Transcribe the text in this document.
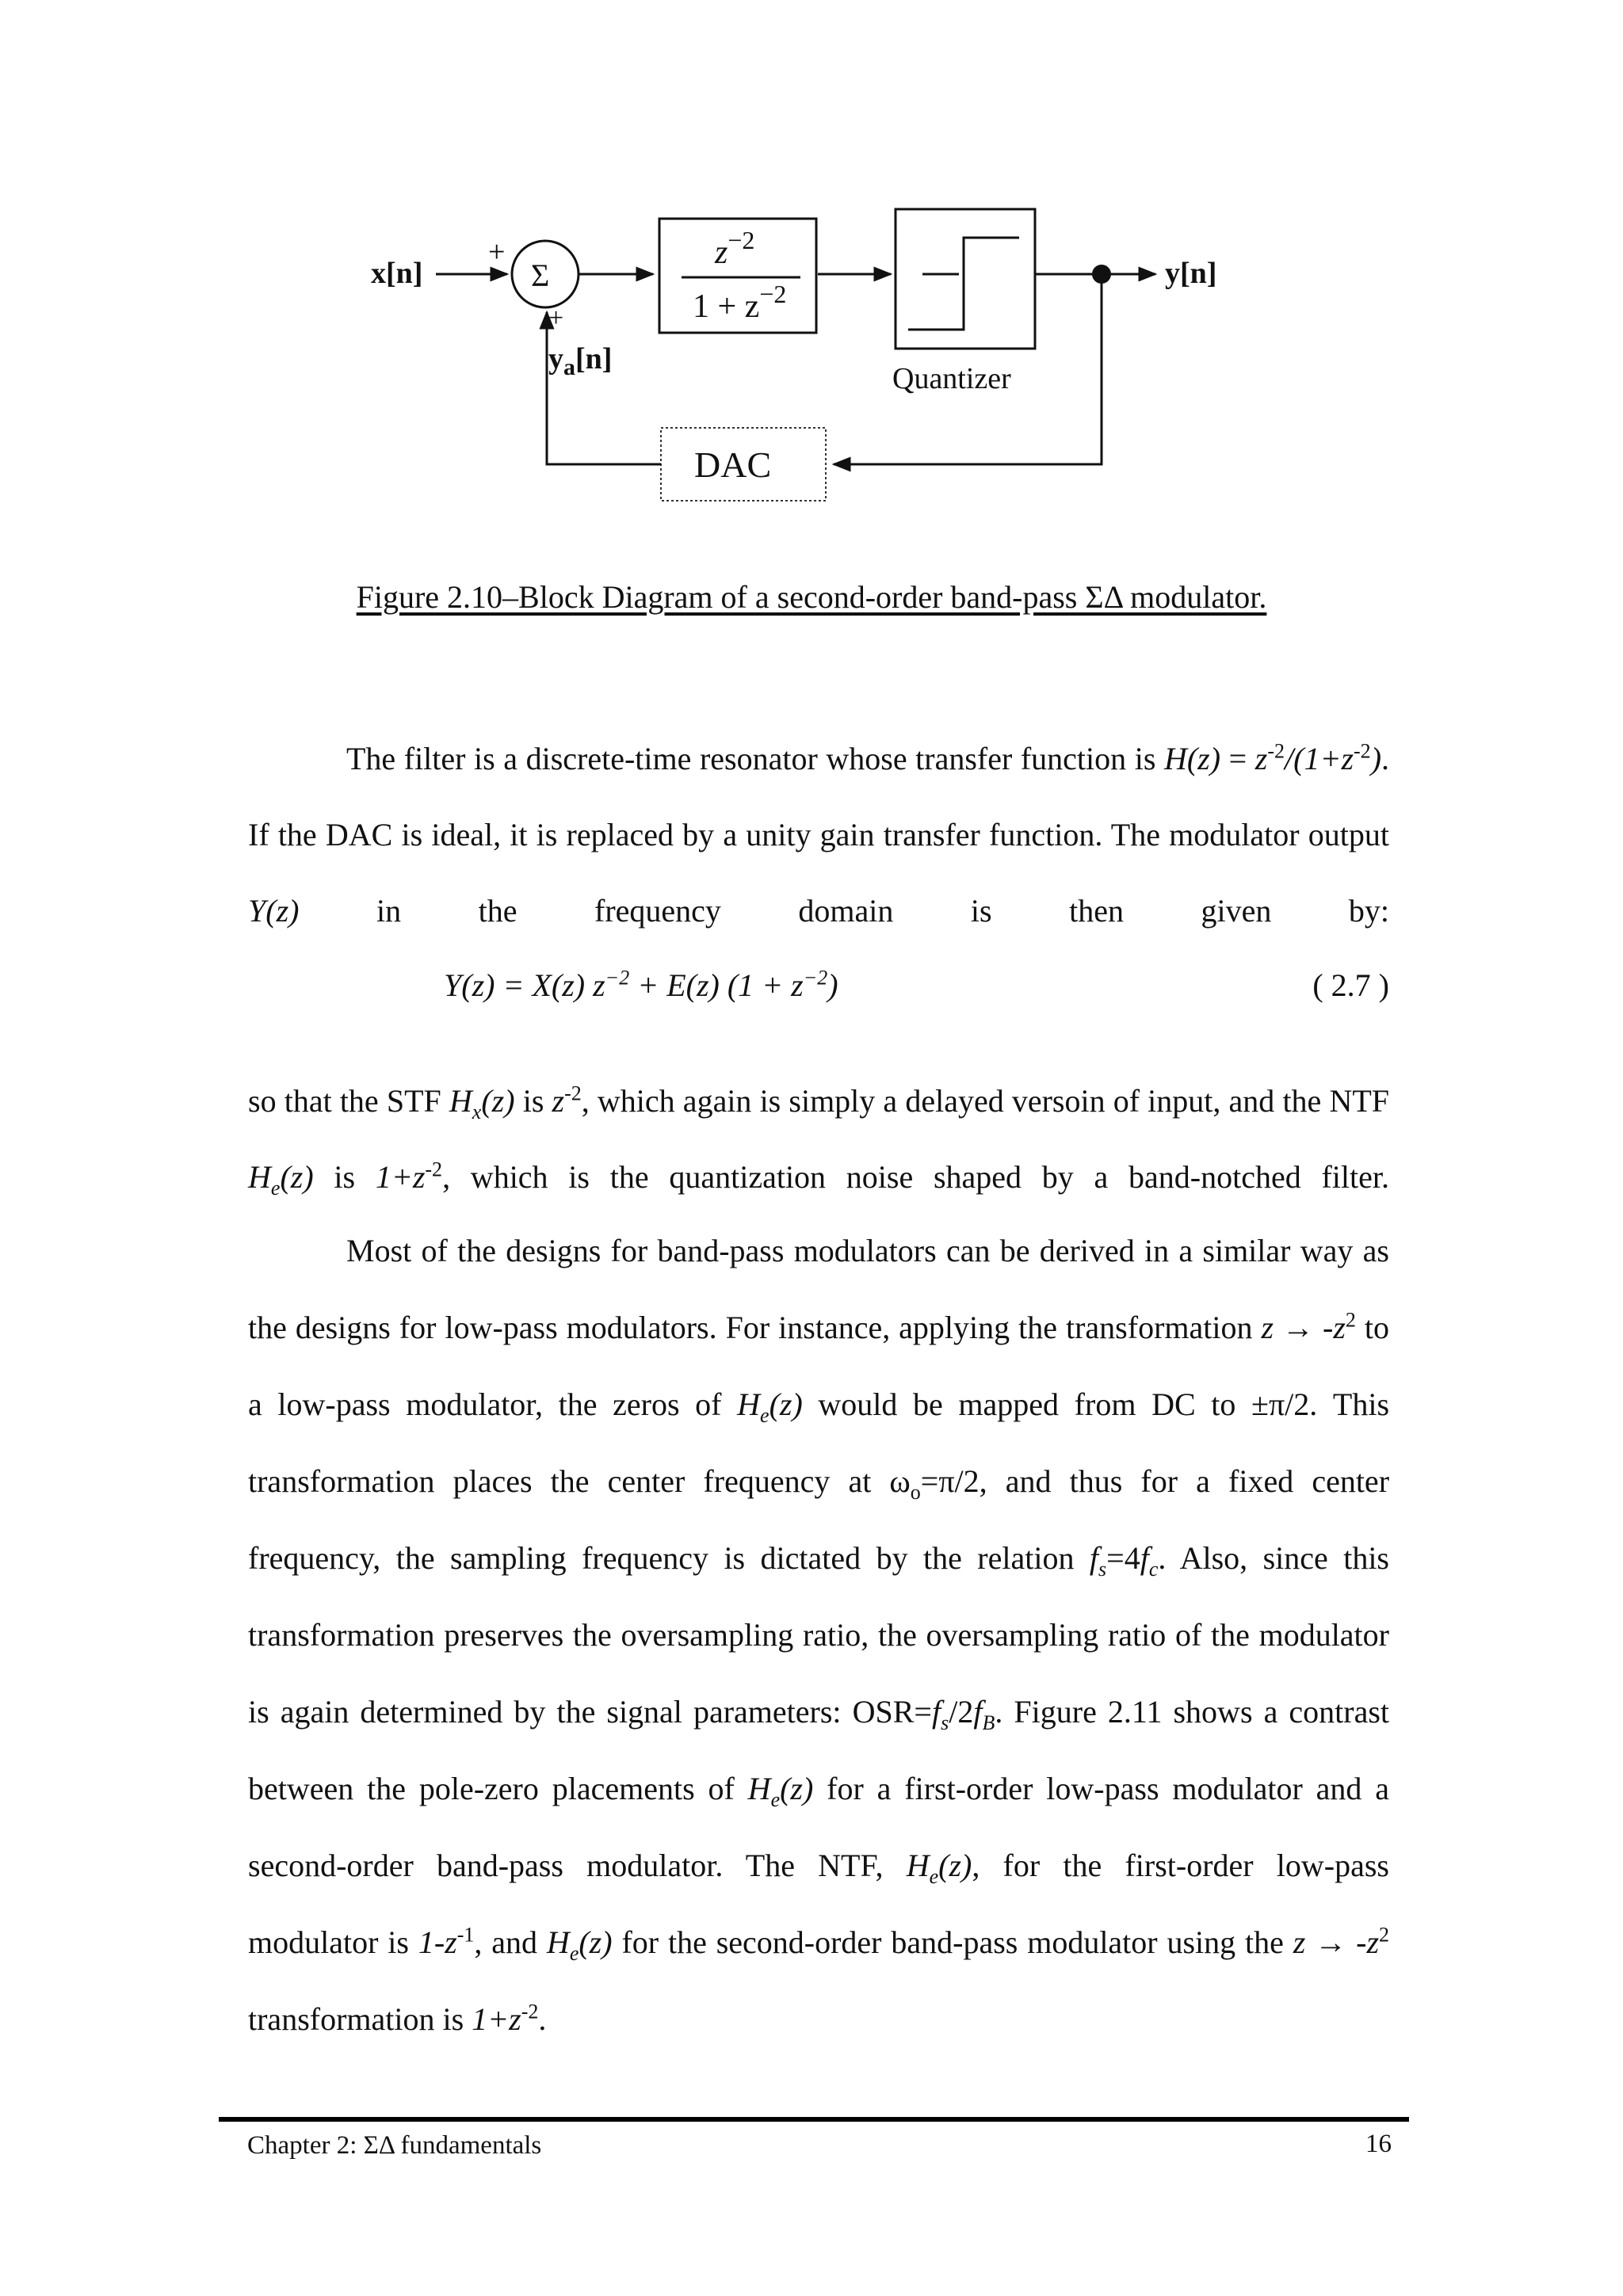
x[n]
+
Σ
+
$z^{-2}$
$1 + z^{-2}$
Quantizer
y[n]
DAC
$y_a[n]$
Figure 2.10–Block Diagram of a second-order band-pass ΣΔ modulator.
The filter is a discrete-time resonator whose transfer function is $H(z) = z^{-2}/(1+z^{-2})$. If the DAC is ideal, it is replaced by a unity gain transfer function. The modulator output Y(z) in the frequency domain is then given by:
Y(z) = X(z) $z^{-2} + E(z) (1 + z^{-2})$	( 2.7 )
so that the STF $H_x(z)$ is $z^{-2}$, which again is simply a delayed versoin of input, and the NTF $H_e(z)$ is $1+z^{-2}$, which is the quantization noise shaped by a band-notched filter.
Most of the designs for band-pass modulators can be derived in a similar way as the designs for low-pass modulators. For instance, applying the transformation $z \to -z^2$ to a low-pass modulator, the zeros of $H_e(z)$ would be mapped from DC to ±π/2. This transformation places the center frequency at $\omega_o=\pi/2$, and thus for a fixed center frequency, the sampling frequency is dictated by the relation $f_s=4f_c$. Also, since this transformation preserves the oversampling ratio, the oversampling ratio of the modulator is again determined by the signal parameters: $OSR=f_s/2f_B$. Figure 2.11 shows a contrast between the pole-zero placements of $H_e(z)$ for a first-order low-pass modulator and a second-order band-pass modulator. The NTF, $H_e(z)$, for the first-order low-pass modulator is $1-z^{-1}$, and $H_e(z)$ for the second-order band-pass modulator using the $z \to -z^2$ transformation is $1+z^{-2}$.
Chapter 2: ΣΔ fundamentals	16
